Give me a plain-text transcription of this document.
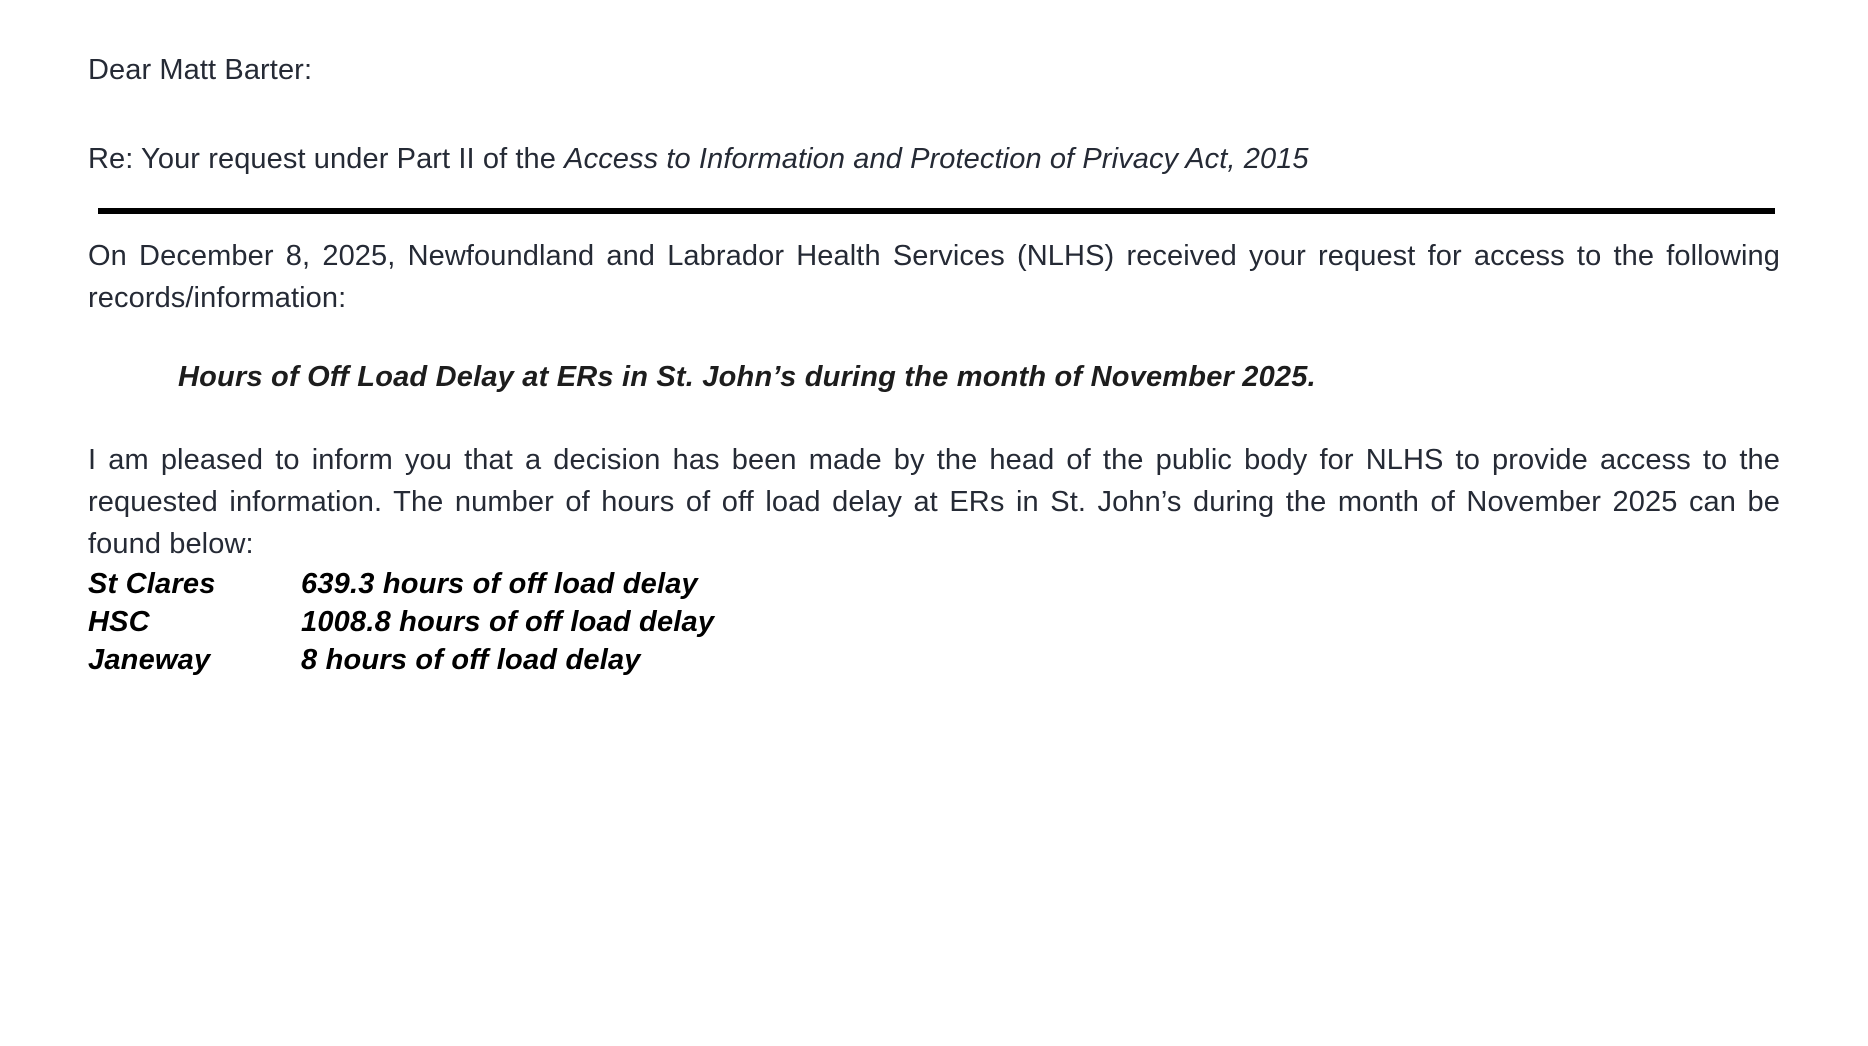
Dear Matt Barter:

Re: Your request under Part II of the Access to Information and Protection of Privacy Act, 2015

On December 8, 2025, Newfoundland and Labrador Health Services (NLHS) received your request for access to the following records/information:

Hours of Off Load Delay at ERs in St. John’s during the month of November 2025.

I am pleased to inform you that a decision has been made by the head of the public body for NLHS to provide access to the requested information. The number of hours of off load delay at ERs in St. John’s during the month of November 2025 can be found below:

St Clares	639.3 hours of off load delay
HSC	1008.8 hours of off load delay
Janeway	8 hours of off load delay
